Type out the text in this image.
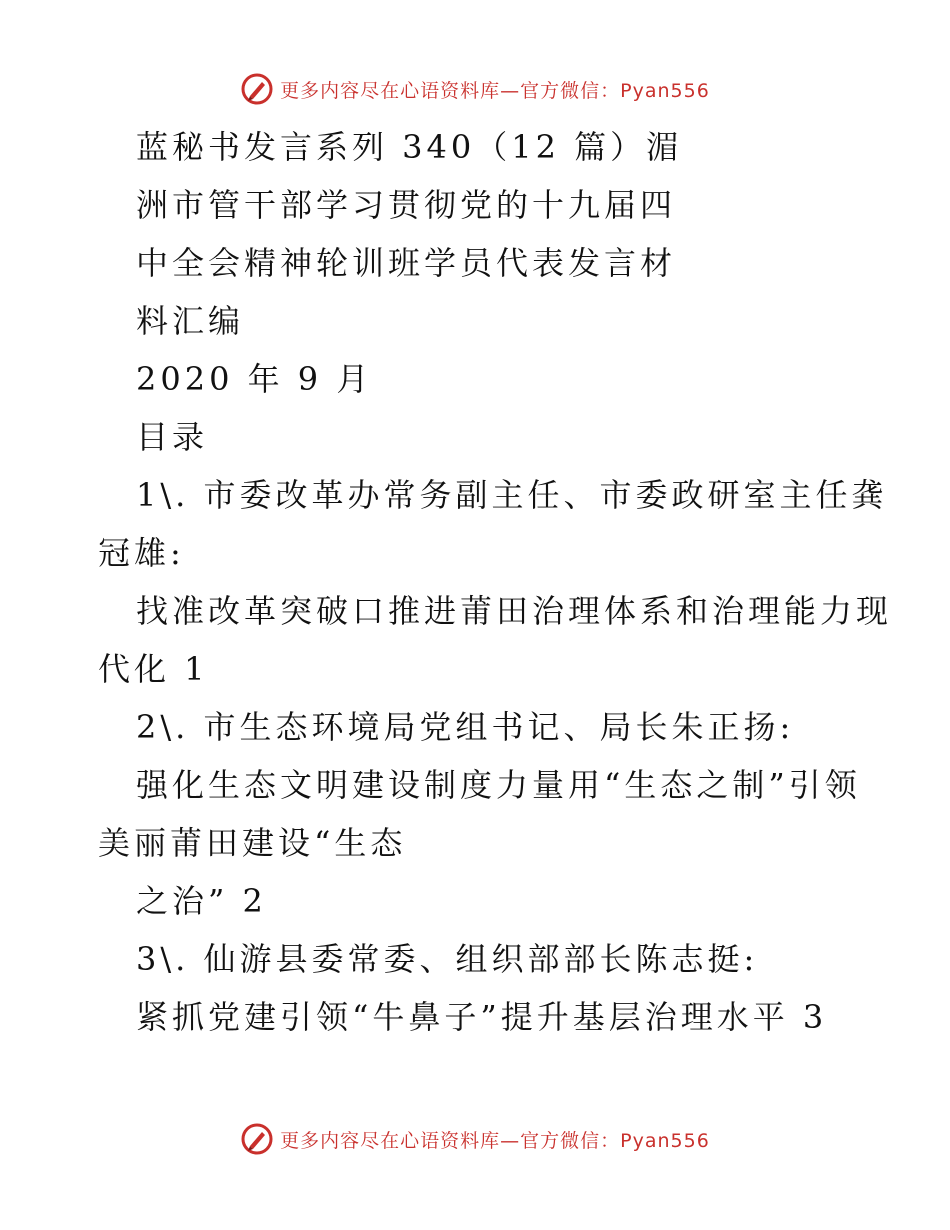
更多内容尽在心语资料库—官方微信：Pyan556
蓝秘书发言系列 340（12 篇）湄
洲市管干部学习贯彻党的十九届四
中全会精神轮训班学员代表发言材
料汇编
2020 年 9 月
目录
1\. 市委改革办常务副主任、市委政研室主任龚
冠雄:
找准改革突破口推进莆田治理体系和治理能力现
代化 1
2\. 市生态环境局党组书记、局长朱正扬:
强化生态文明建设制度力量用“生态之制”引领
美丽莆田建设“生态
之治” 2
3\. 仙游县委常委、组织部部长陈志挺:
紧抓党建引领“牛鼻子”提升基层治理水平 3
更多内容尽在心语资料库—官方微信：Pyan556
